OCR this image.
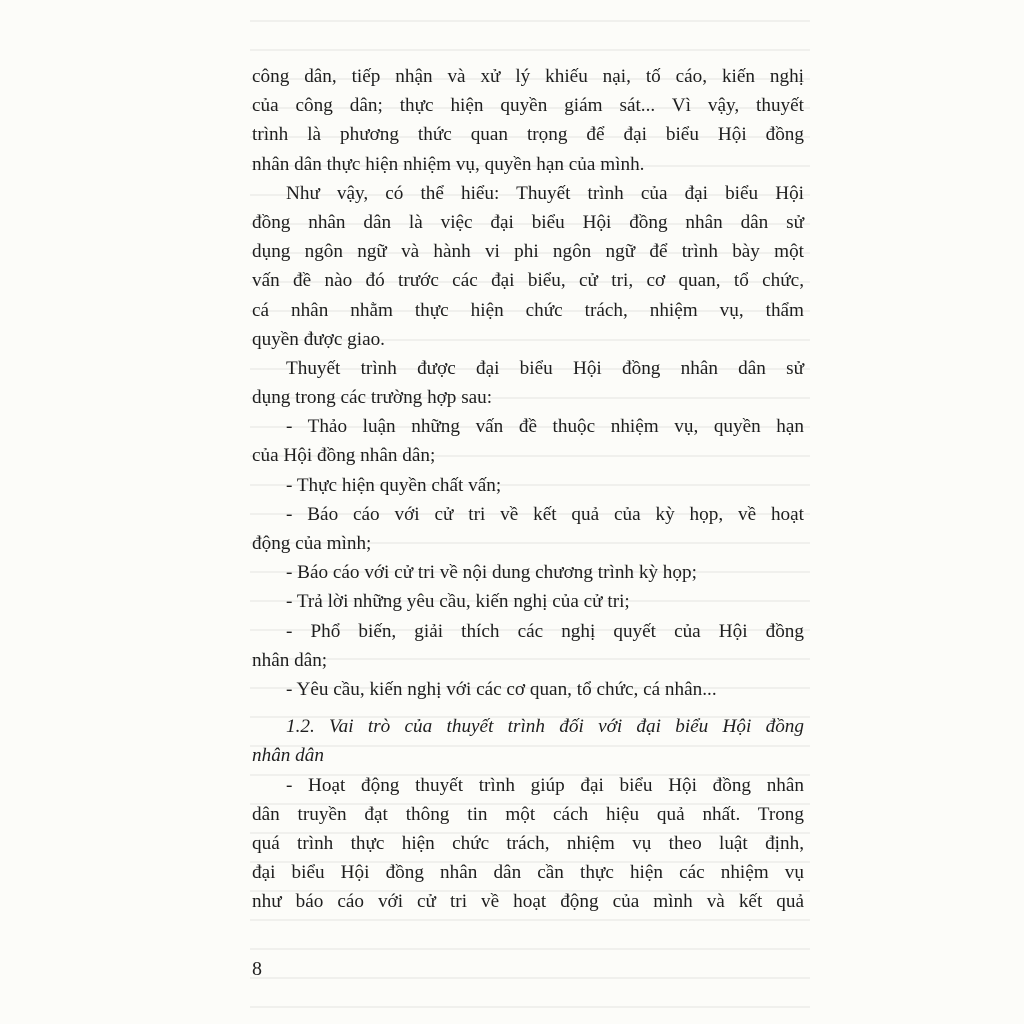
công dân, tiếp nhận và xử lý khiếu nại, tố cáo, kiến nghị
của công dân; thực hiện quyền giám sát... Vì vậy, thuyết
trình là phương thức quan trọng để đại biểu Hội đồng
nhân dân thực hiện nhiệm vụ, quyền hạn của mình.
Như vậy, có thể hiểu: Thuyết trình của đại biểu Hội
đồng nhân dân là việc đại biểu Hội đồng nhân dân sử
dụng ngôn ngữ và hành vi phi ngôn ngữ để trình bày một
vấn đề nào đó trước các đại biểu, cử tri, cơ quan, tổ chức,
cá nhân nhằm thực hiện chức trách, nhiệm vụ, thẩm
quyền được giao.
Thuyết trình được đại biểu Hội đồng nhân dân sử
dụng trong các trường hợp sau:
- Thảo luận những vấn đề thuộc nhiệm vụ, quyền hạn
của Hội đồng nhân dân;
- Thực hiện quyền chất vấn;
- Báo cáo với cử tri về kết quả của kỳ họp, về hoạt
động của mình;
- Báo cáo với cử tri về nội dung chương trình kỳ họp;
- Trả lời những yêu cầu, kiến nghị của cử tri;
- Phổ biến, giải thích các nghị quyết của Hội đồng
nhân dân;
- Yêu cầu, kiến nghị với các cơ quan, tổ chức, cá nhân...
1.2. Vai trò của thuyết trình đối với đại biểu Hội đồng
nhân dân
- Hoạt động thuyết trình giúp đại biểu Hội đồng nhân
dân truyền đạt thông tin một cách hiệu quả nhất. Trong
quá trình thực hiện chức trách, nhiệm vụ theo luật định,
đại biểu Hội đồng nhân dân cần thực hiện các nhiệm vụ
như báo cáo với cử tri về hoạt động của mình và kết quả
8
